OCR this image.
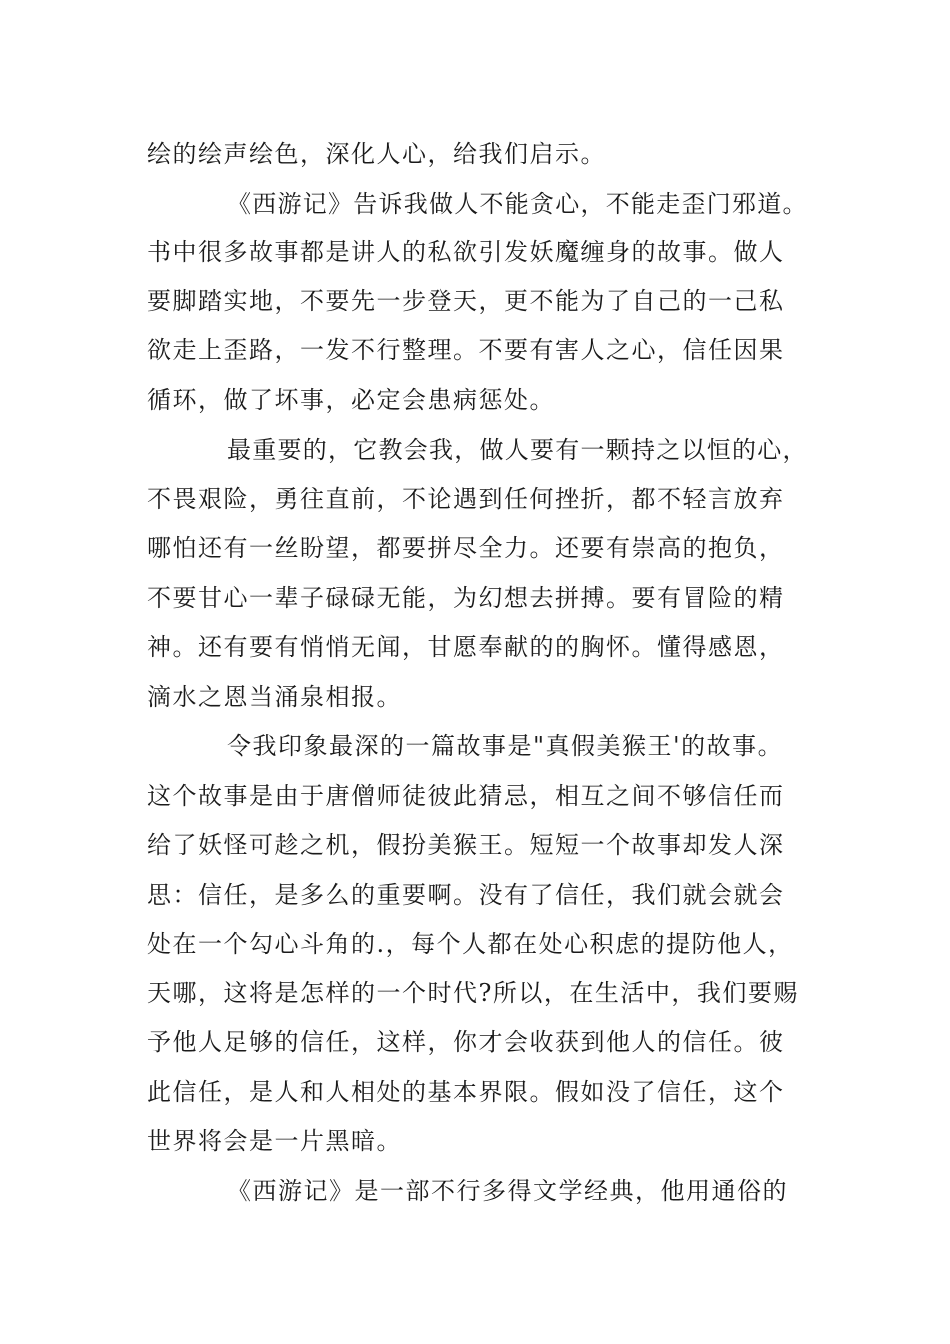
绘的绘声绘色，深化人心，给我们启示。
《西游记》告诉我做人不能贪心，不能走歪门邪道。
书中很多故事都是讲人的私欲引发妖魔缠身的故事。做人
要脚踏实地，不要先一步登天，更不能为了自己的一己私
欲走上歪路，一发不行整理。不要有害人之心，信任因果
循环，做了坏事，必定会患病惩处。
最重要的，它教会我，做人要有一颗持之以恒的心，
不畏艰险，勇往直前，不论遇到任何挫折，都不轻言放弃
哪怕还有一丝盼望，都要拼尽全力。还要有崇高的抱负，
不要甘心一辈子碌碌无能，为幻想去拼搏。要有冒险的精
神。还有要有悄悄无闻，甘愿奉献的的胸怀。懂得感恩，
滴水之恩当涌泉相报。
令我印象最深的一篇故事是"真假美猴王'的故事。
这个故事是由于唐僧师徒彼此猜忌，相互之间不够信任而
给了妖怪可趁之机，假扮美猴王。短短一个故事却发人深
思：信任，是多么的重要啊。没有了信任，我们就会就会
处在一个勾心斗角的.，每个人都在处心积虑的提防他人，
天哪，这将是怎样的一个时代?所以，在生活中，我们要赐
予他人足够的信任，这样，你才会收获到他人的信任。彼
此信任，是人和人相处的基本界限。假如没了信任，这个
世界将会是一片黑暗。
《西游记》是一部不行多得文学经典，他用通俗的
